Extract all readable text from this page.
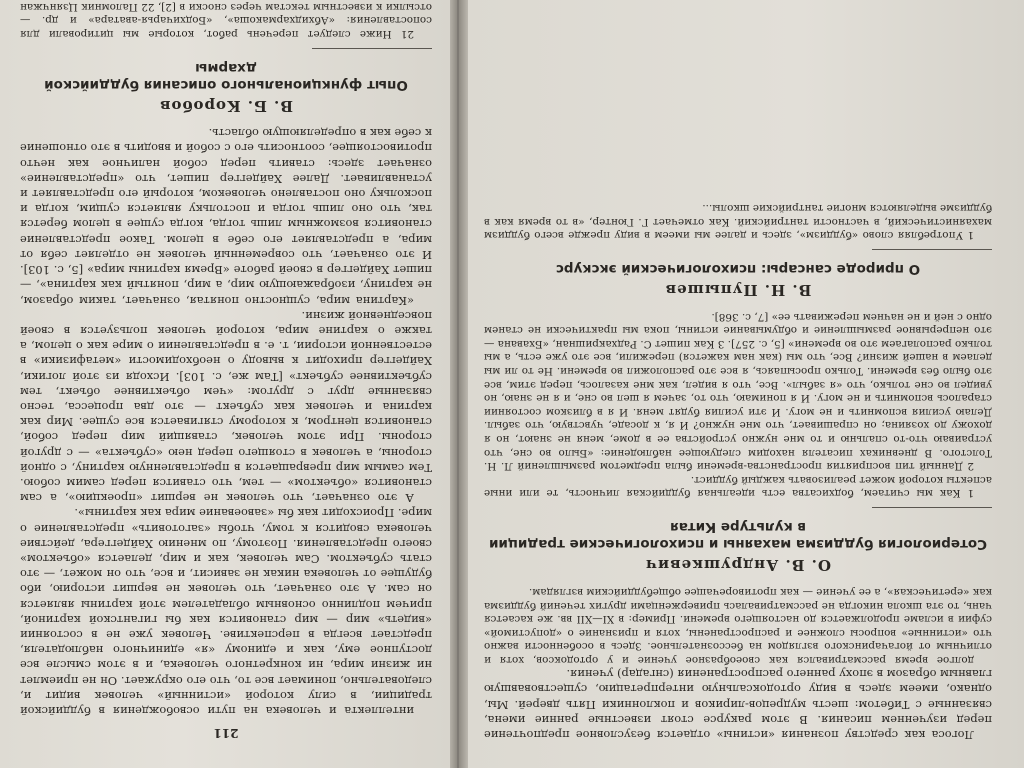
Логоса как средству познания «истины» отдается безусловное предпочтение перед изученнем писания. В этом ракурсе стоят известные ранние имена, связанные с Тибетом: шесть мудрецов-лириков и поклонники Пять дверей. Мы, однако, имеем здесь в виду ортодоксальную интерпретацию, существовавшую главным образом в эпоху раннего распространения (снгадар) учения.

долгое время рассматривался как своеобразное учение и у ортодоксов, хотя и отличным от йогачаринского взглядом на бессознательное. Здесь в особенности важно что «истинные» вопросы сложнее и распространены, хотя и признание о «допустимой» суфии в исламе продолжается до настоящего времени. Пример: в XI—XII вв. же касается чань, то эта школа никогда не рассматривалась приверженцами других течений буддизма как «еретическая», а ее учение — как противоречащее общебуддийским взглядам.

О. В. Андрушкевич
Сотериология буддизма махаяны и психологические традиции в культуре Китая

1 Как мы считаем, бодхисатва есть идеальная буддийская личность, те или иные аспекты которой может реализовать каждый буддист.

2 Данный тип восприятия пространства-времени была предметом размышлений Л. Н. Толстого. В дневниках писателя находим следующее наблюдение: «Было во сне, что устраиваю что-то спальню и то мне нужно устройства ее в доме, меня не знают, но я дохожу до хозяина; он спрашивает, что мне нужно? И я, к досаде, чувствую, что забыл. Делаю усилия вспомнить и не могу. И эти усилия будят меня. И я в близком состоянии старалось вспомнить и не могу. И я понимаю, что то, зачем я шел во сне, и я не знаю, но увидел во сне только, что «я забыл». Все, что я видел, как мне казалось, перед этим, все это было без времени. Только просыпаясь, я все это расположил во времени. Не то ли мы делаем в нашей жизни? Все, что мы (как нам кажется) пережили, все это уже есть, а мы только располагаем это во времени» [5, с. 257]. 3 Как пишет С. Радхакришнан, «Бхавана — это непрерывное размышление и обдумывание истины, пока мы практически не станем одно с ней и не начнем переживать ее» [7, с. 368].

В. Н. Пупышев
О природе сансары: психологический экскурс

1 Употребляя слово «буддизм», здесь и далее мы имеем в виду прежде всего буддизм махаянистический, в частности тантрийский. Как отмечает Г. Гюнтер, «в то время как в буддизме выделяются многие тантрийские школы...

211

интеллекта и человека на пути освобождения в буддийской традиции, в силу которой «истинный» человек видит и, следовательно, понимает все то, что его окружает. Он не приемлет ни жизни мира, ни конкретного человека, и в этом смысле все доступное ему, как и единому «я» единичного наблюдателя, предстает всегда в перспективе. Человек уже не в состоянии «видеть» мир — мир становится как бы гигантской картиной, причем подлинно основным обладателем этой картины является он сам. А это означает, что человек не вершит историю, ибо будущее от человека никак не зависит, и все, что он может, — это стать субъектом. Сам человек, как и мир, делается «объектом» своего представления. Поэтому, по мнению Хайдеггера, действие человека сводится к тому, чтобы «заготовить» представление о мире. Происходит как бы «завоевание мира как картины».

А это означает, что человек не вершит «проекцию», а сам становится «объектом» — тем, что ставится перед самим собою. Тем самым мир превращается в представленную картину, с одной стороны, а человек в стоящего перед нею «субъекта» — с другой стороны. При этом человек, ставящий мир перед собой, становится центром, к которому стягивается все сущее. Мир как картина и человек как субъект — это два процесса, тесно связанные друг с другом: «чем объективнее объект, тем субъективнее субъект» [Там же, с. 103]. Исходя из этой логики, Хайдеггер приходит к выводу о необходимости «метафизики» в естественной истории, т. е. в представлении о мире как о целом, а также о картине мира, которой человек пользуется в своей повседневной жизни.

«Картина мира, сущностно понятая, означает, таким образом, не картину, изображающую мир, а мир, понятый как картина», — пишет Хайдеггер в своей работе «Время картины мира» [5, с. 103]. И это означает, что современный человек не отделяет себя от мира, а представляет его себе в целом. Такое представление становится возможным лишь тогда, когда сущее в целом берется так, что оно лишь тогда и постольку является сущим, когда и поскольку оно поставлено человеком, который его представляет и устанавливает. Далее Хайдеггер пишет, что «представление» означает здесь: ставить перед собой наличное как нечто противостоящее, соотносить его с собой и вводить в это отношение к себе как в определяющую область.

В. Б. Коробов
Опыт функционального описания буддийской дхармы

21 Ниже следует перечень работ, которые мы цитировали для сопоставления: «Абхидхармакоша», «Бодхичарья-аватара» и др. — отсылки к известным текстам через сноски в [2], 22 Паломник Цзянчжан
